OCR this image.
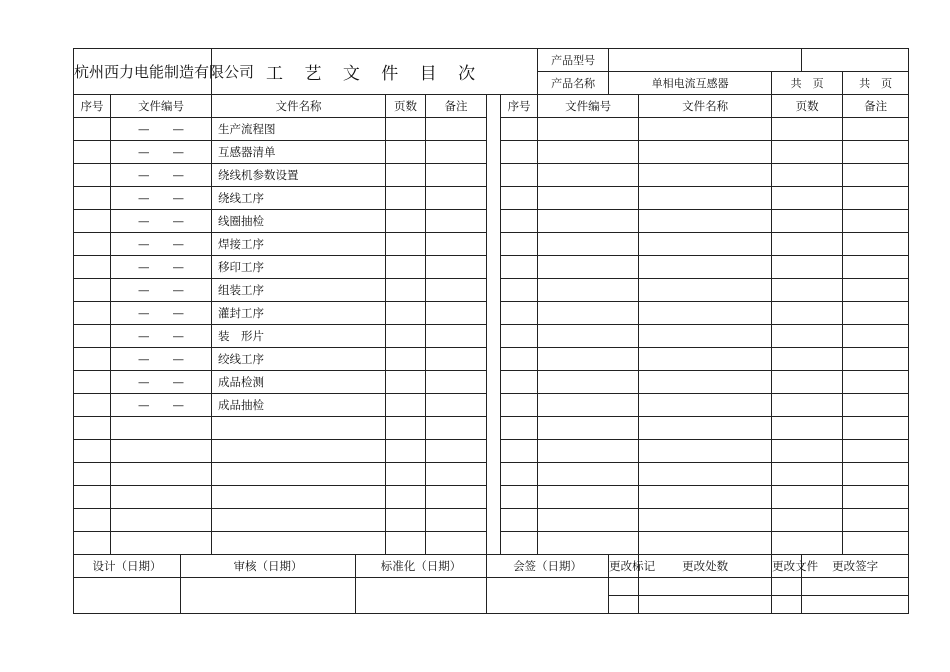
杭州西力电能制造有限公司			工 艺 文 件 目 次						产品型号						
									产品名称	单相电流互感器		共　页		共　页	
序号	文件编号		文件名称		页数	备注		序号	文件编号		文件名称	页数		备注	
	—　　—		生产流程图												
	—　　—		互感器清单												
	—　　—		绕线机参数设置												
	—　　—		绕线工序												
	—　　—		线圈抽检												
	—　　—		焊接工序												
	—　　—		移印工序												
	—　　—		组装工序												
	—　　—		灌封工序												
	—　　—		装　形片												
	—　　—		绞线工序												
	—　　—		成品检测												
	—　　—		成品抽检												

设计（日期）		审核（日期）		标准化（日期）			会签（日期）			更改标记	更改处数	更改文件	更改签字	
